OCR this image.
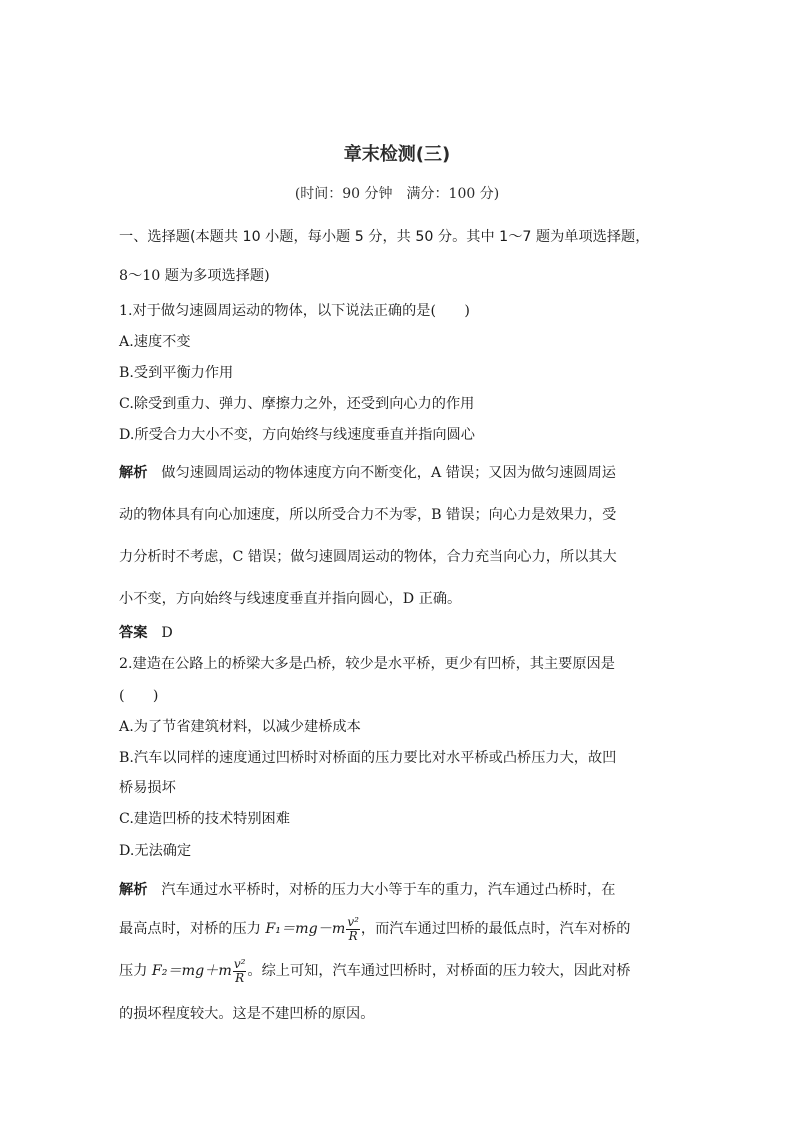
章末检测(三)
(时间：90 分钟　满分：100 分)
一、选择题(本题共 10 小题，每小题 5 分，共 50 分。其中 1～7 题为单项选择题，
8～10 题为多项选择题)
1.对于做匀速圆周运动的物体，以下说法正确的是(　　)
A.速度不变
B.受到平衡力作用
C.除受到重力、弹力、摩擦力之外，还受到向心力的作用
D.所受合力大小不变，方向始终与线速度垂直并指向圆心
解析 做匀速圆周运动的物体速度方向不断变化，A 错误；又因为做匀速圆周运
动的物体具有向心加速度，所以所受合力不为零，B 错误；向心力是效果力，受
力分析时不考虑，C 错误；做匀速圆周运动的物体，合力充当向心力，所以其大
小不变，方向始终与线速度垂直并指向圆心，D 正确。
答案 D
2.建造在公路上的桥梁大多是凸桥，较少是水平桥，更少有凹桥，其主要原因是
(　　)
A.为了节省建筑材料，以减少建桥成本
B.汽车以同样的速度通过凹桥时对桥面的压力要比对水平桥或凸桥压力大，故凹
桥易损坏
C.建造凹桥的技术特别困难
D.无法确定
解析 汽车通过水平桥时，对桥的压力大小等于车的重力，汽车通过凸桥时，在
最高点时，对桥的压力 $F_1=mg-m \frac{\text{v²}}{R}$ ，而汽车通过凹桥的最低点时，汽车对桥的
压力 $F_2=mg+m \frac{\text{v²}}{R}$ 。综上可知，汽车通过凹桥时，对桥面的压力较大，因此对桥
的损坏程度较大。这是不建凹桥的原因。
